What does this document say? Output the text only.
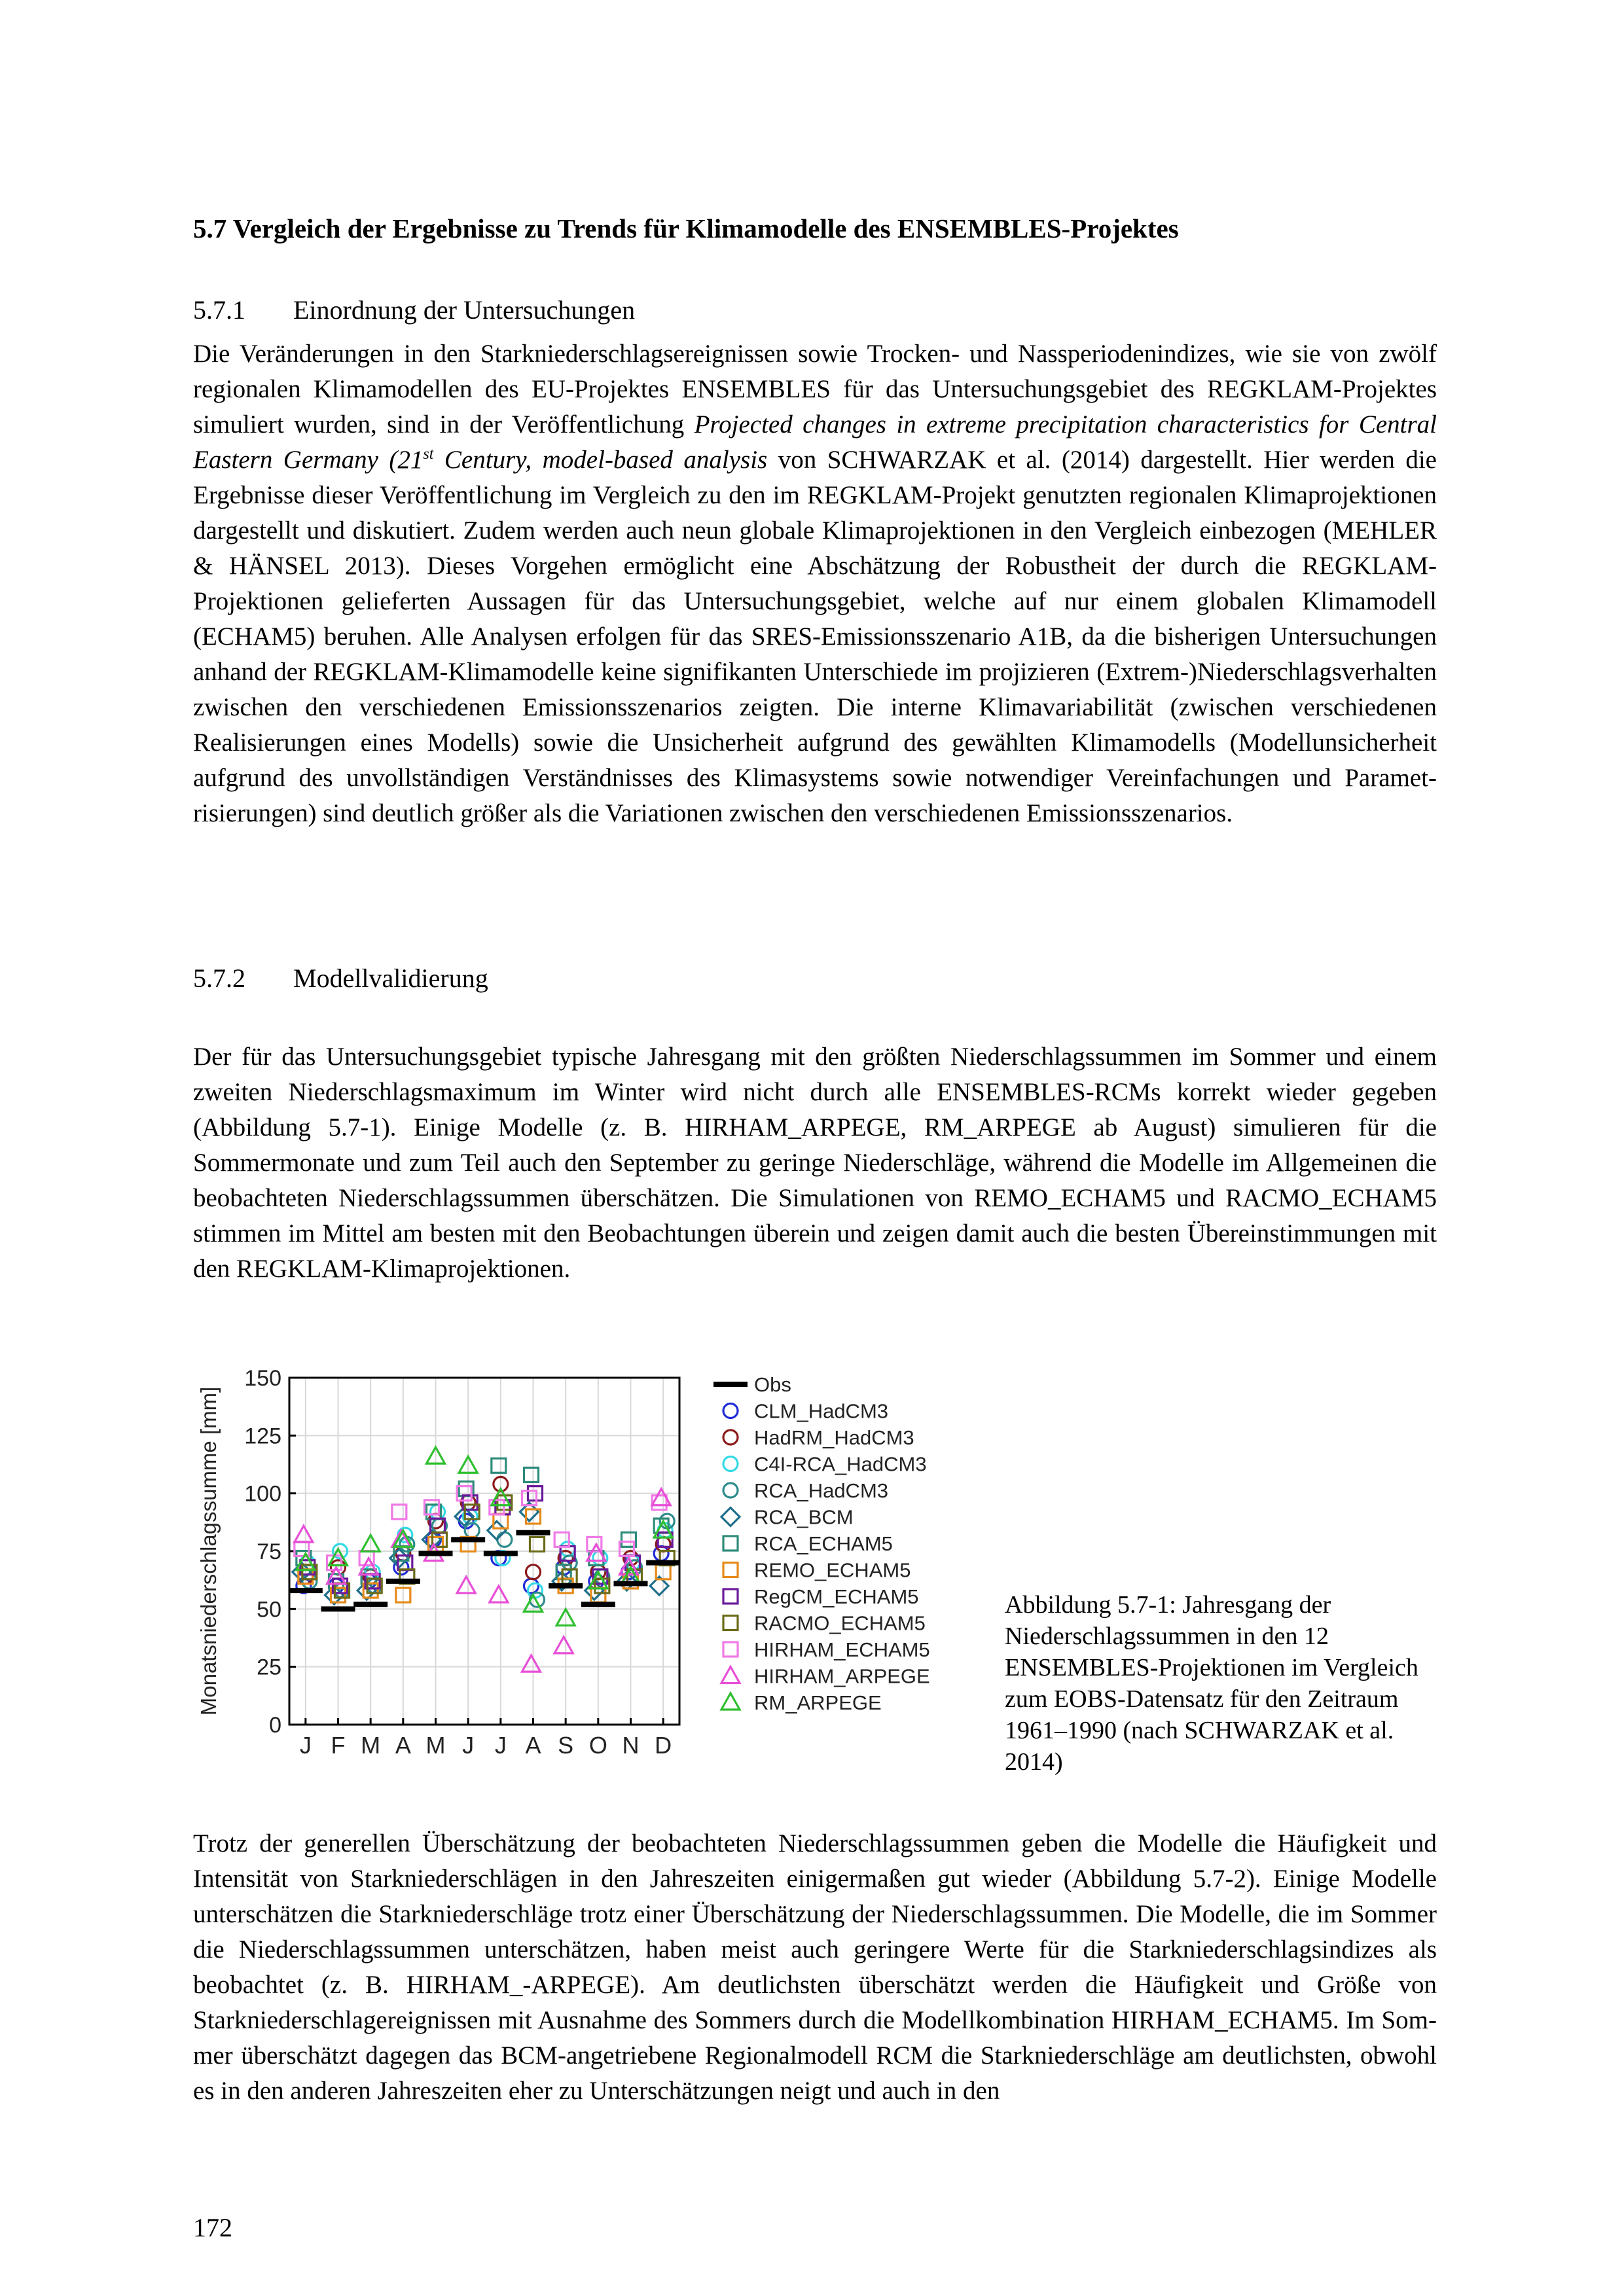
5.7 Vergleich der Ergebnisse zu Trends für Klimamodelle des ENSEMBLES-Projektes
5.7.1 Einordnung der Untersuchungen
Die Veränderungen in den Starkniederschlagsereignissen sowie Trocken- und Nassperiodenindizes, wie sie von zwölf regionalen Klimamodellen des EU-Projektes ENSEMBLES für das Untersuchungsgebiet des REGKLAM-Projektes simuliert wurden, sind in der Veröffentlichung Projected changes in extreme precipitation characteristics for Central Eastern Germany (21st Century, model-based analysis von SCHWARZAK et al. (2014) dargestellt. Hier werden die Ergebnisse dieser Veröffentlichung im Vergleich zu den im REGKLAM-Projekt genutzten regionalen Klimaprojektionen dargestellt und diskutiert. Zudem werden auch neun globale Klimaprojektionen in den Vergleich einbezogen (MEHLER & HÄNSEL 2013). Dieses Vorgehen ermöglicht eine Abschätzung der Robustheit der durch die REGKLAM-Projektionen gelieferten Aussagen für das Untersuchungsgebiet, welche auf nur einem globalen Klimamodell (ECHAM5) beruhen. Alle Analysen erfolgen für das SRES-Emissionsszenario A1B, da die bisherigen Untersuchungen anhand der REGKLAM-Klimamodelle keine signifikanten Unterschiede im projizieren (Extrem-)Niederschlagsverhalten zwischen den verschiedenen Emissionsszenarios zeigten. Die interne Klimavariabilität (zwischen verschiedenen Realisierungen eines Modells) sowie die Unsicherheit aufgrund des gewählten Klimamodells (Modellunsicherheit aufgrund des unvollständigen Verständnisses des Klimasystems sowie notwendiger Vereinfachungen und Parametrisierungen) sind deutlich größer als die Variationen zwischen den verschiedenen Emissionsszenarios.
5.7.2 Modellvalidierung
Der für das Untersuchungsgebiet typische Jahresgang mit den größten Niederschlagssummen im Sommer und einem zweiten Niederschlagsmaximum im Winter wird nicht durch alle ENSEMBLES-RCMs korrekt wieder gegeben (Abbildung 5.7-1). Einige Modelle (z. B. HIRHAM_ARPEGE, RM_ARPEGE ab August) simulieren für die Sommermonate und zum Teil auch den September zu geringe Niederschläge, während die Modelle im Allgemeinen die beobachteten Niederschlagssummen überschätzen. Die Simulationen von REMO_ECHAM5 und RACMO_ECHAM5 stimmen im Mittel am besten mit den Beobachtungen überein und zeigen damit auch die besten Übereinstimmungen mit den REGKLAM-Klimaprojektionen.
0
25
50
75
100
125
150
J F M A M J J A S O N D
Monatsniederschlagssumme [mm]
Obs
CLM_HadCM3
HadRM_HadCM3
C4I-RCA_HadCM3
RCA_HadCM3
RCA_BCM
RCA_ECHAM5
REMO_ECHAM5
RegCM_ECHAM5
RACMO_ECHAM5
HIRHAM_ECHAM5
HIRHAM_ARPEGE
RM_ARPEGE
Abbildung 5.7-1: Jahresgang der Niederschlagssummen in den 12 ENSEMBLES-Projektionen im Vergleich zum EOBS-Datensatz für den Zeitraum 1961–1990 (nach SCHWARZAK et al. 2014)
Trotz der generellen Überschätzung der beobachteten Niederschlagssummen geben die Modelle die Häufigkeit und Intensität von Starkniederschlägen in den Jahreszeiten einigermaßen gut wieder (Abbildung 5.7-2). Einige Modelle unterschätzen die Starkniederschläge trotz einer Überschätzung der Niederschlagssummen. Die Modelle, die im Sommer die Niederschlagssummen unterschätzen, haben meist auch geringere Werte für die Starkniederschlagsindizes als beobachtet (z. B. HIRHAM_-ARPEGE). Am deutlichsten überschätzt werden die Häufigkeit und Größe von Starkniederschlagereignissen mit Ausnahme des Sommers durch die Modellkombination HIRHAM_ECHAM5. Im Sommer überschätzt dagegen das BCM-angetriebene Regionalmodell RCM die Starkniederschläge am deutlichsten, obwohl es in den anderen Jahreszeiten eher zu Unterschätzungen neigt und auch in den
172
